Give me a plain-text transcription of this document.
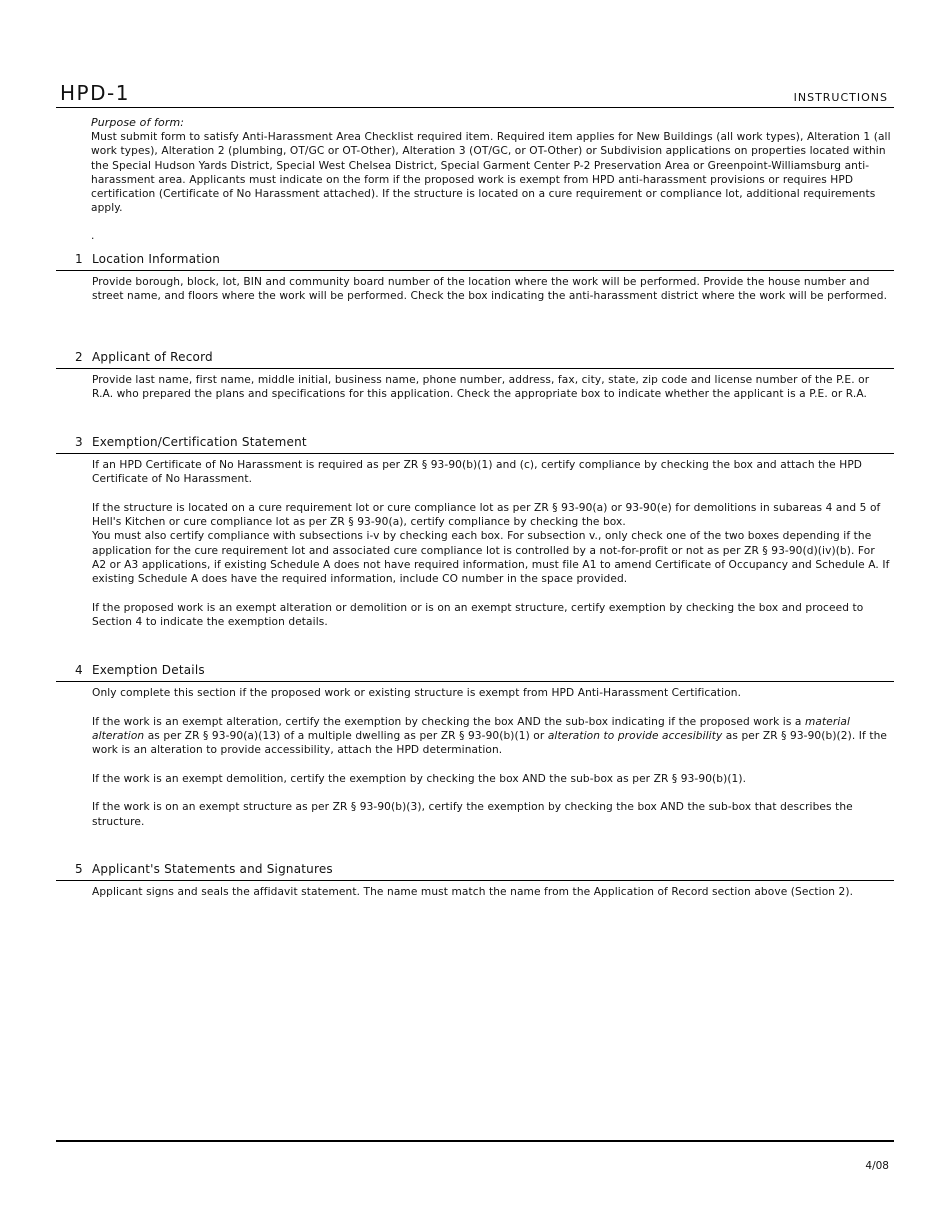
HPD-1	INSTRUCTIONS
Purpose of form:

Must submit form to satisfy Anti-Harassment Area Checklist required item. Required item applies for New Buildings (all work types), Alteration 1 (all work types), Alteration 2 (plumbing, OT/GC or OT-Other), Alteration 3 (OT/GC, or OT-Other) or Subdivision applications on properties located within the Special Hudson Yards District, Special West Chelsea District, Special Garment Center P-2 Preservation Area or Greenpoint-Williamsburg anti-harassment area. Applicants must indicate on the form if the proposed work is exempt from HPD anti-harassment provisions or requires HPD certification (Certificate of No Harassment attached). If the structure is located on a cure requirement or compliance lot, additional requirements apply.

.
1 Location Information

Provide borough, block, lot, BIN and community board number of the location where the work will be performed. Provide the house number and street name, and floors where the work will be performed. Check the box indicating the anti-harassment district where the work will be performed.

2 Applicant of Record

Provide last name, first name, middle initial, business name, phone number, address, fax, city, state, zip code and license number of the P.E. or R.A. who prepared the plans and specifications for this application. Check the appropriate box to indicate whether the applicant is a P.E. or R.A.

3 Exemption/Certification Statement

If an HPD Certificate of No Harassment is required as per ZR § 93-90(b)(1) and (c), certify compliance by checking the box and attach the HPD Certificate of No Harassment.

If the structure is located on a cure requirement lot or cure compliance lot as per ZR § 93-90(a) or 93-90(e) for demolitions in subareas 4 and 5 of Hell's Kitchen or cure compliance lot as per ZR § 93-90(a), certify compliance by checking the box.

You must also certify compliance with subsections i-v by checking each box. For subsection v., only check one of the two boxes depending if the application for the cure requirement lot and associated cure compliance lot is controlled by a not-for-profit or not as per ZR § 93-90(d)(iv)(b). For A2 or A3 applications, if existing Schedule A does not have required information, must file A1 to amend Certificate of Occupancy and Schedule A. If existing Schedule A does have the required information, include CO number in the space provided.

If the proposed work is an exempt alteration or demolition or is on an exempt structure, certify exemption by checking the box and proceed to Section 4 to indicate the exemption details.

4 Exemption Details

Only complete this section if the proposed work or existing structure is exempt from HPD Anti-Harassment Certification.

If the work is an exempt alteration, certify the exemption by checking the box AND the sub-box indicating if the proposed work is a material alteration as per ZR § 93-90(a)(13) of a multiple dwelling as per ZR § 93-90(b)(1) or alteration to provide accesibility as per ZR § 93-90(b)(2). If the work is an alteration to provide accessibility, attach the HPD determination.

If the work is an exempt demolition, certify the exemption by checking the box AND the sub-box as per ZR § 93-90(b)(1).

If the work is on an exempt structure as per ZR § 93-90(b)(3), certify the exemption by checking the box AND the sub-box that describes the structure.

5 Applicant's Statements and Signatures

Applicant signs and seals the affidavit statement. The name must match the name from the Application of Record section above (Section 2).

4/08
